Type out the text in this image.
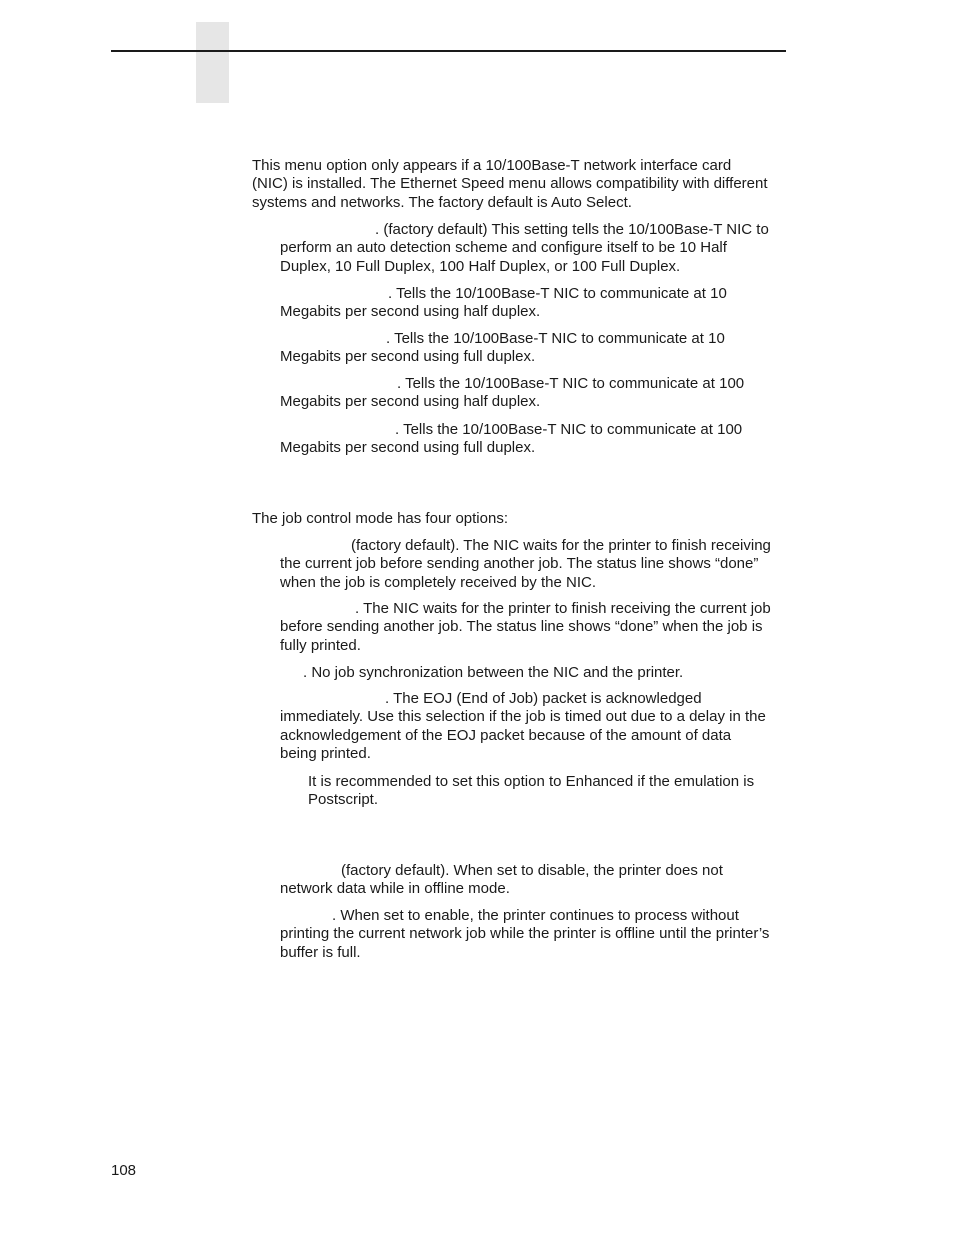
This menu option only appears if a 10/100Base-T network interface card
(NIC) is installed. The Ethernet Speed menu allows compatibility with different
systems and networks. The factory default is Auto Select.

. (factory default) This setting tells the 10/100Base-T NIC to
perform an auto detection scheme and configure itself to be 10 Half
Duplex, 10 Full Duplex, 100 Half Duplex, or 100 Full Duplex.

. Tells the 10/100Base-T NIC to communicate at 10
Megabits per second using half duplex.

. Tells the 10/100Base-T NIC to communicate at 10
Megabits per second using full duplex.

. Tells the 10/100Base-T NIC to communicate at 100
Megabits per second using half duplex.

. Tells the 10/100Base-T NIC to communicate at 100
Megabits per second using full duplex.

The job control mode has four options:

(factory default). The NIC waits for the printer to finish receiving
the current job before sending another job. The status line shows “done”
when the job is completely received by the NIC.

. The NIC waits for the printer to finish receiving the current job
before sending another job. The status line shows “done” when the job is
fully printed.

. No job synchronization between the NIC and the printer.

. The EOJ (End of Job) packet is acknowledged
immediately. Use this selection if the job is timed out due to a delay in the
acknowledgement of the EOJ packet because of the amount of data
being printed.

It is recommended to set this option to Enhanced if the emulation is
Postscript.

(factory default). When set to disable, the printer does not
network data while in offline mode.

. When set to enable, the printer continues to process without
printing the current network job while the printer is offline until the printer’s
buffer is full.

108
